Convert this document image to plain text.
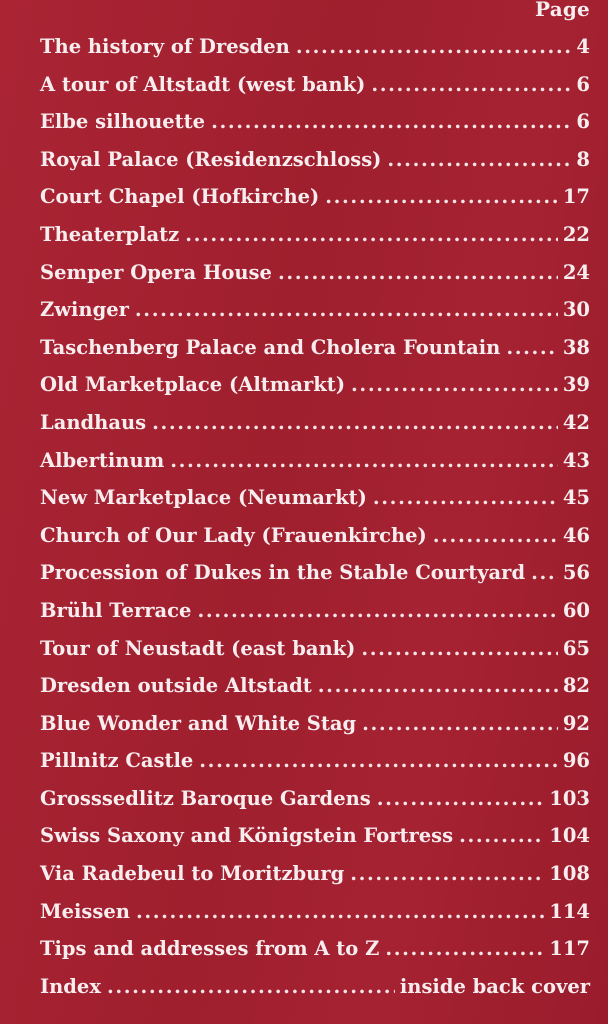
Page
The history of Dresden .....	4
A tour of Altstadt (west bank) .....	6
Elbe silhouette .....	6
Royal Palace (Residenzschloss) .....	8
Court Chapel (Hofkirche) .....	17
Theaterplatz .....	22
Semper Opera House .....	24
Zwinger .....	30
Taschenberg Palace and Cholera Fountain .....	38
Old Marketplace (Altmarkt) .....	39
Landhaus .....	42
Albertinum .....	43
New Marketplace (Neumarkt) .....	45
Church of Our Lady (Frauenkirche) .....	46
Procession of Dukes in the Stable Courtyard .....	56
Brühl Terrace .....	60
Tour of Neustadt (east bank) .....	65
Dresden outside Altstadt .....	82
Blue Wonder and White Stag .....	92
Pillnitz Castle .....	96
Grosssedlitz Baroque Gardens .....	103
Swiss Saxony and Königstein Fortress .....	104
Via Radebeul to Moritzburg .....	108
Meissen .....	114
Tips and addresses from A to Z .....	117
Index .....	inside back cover
